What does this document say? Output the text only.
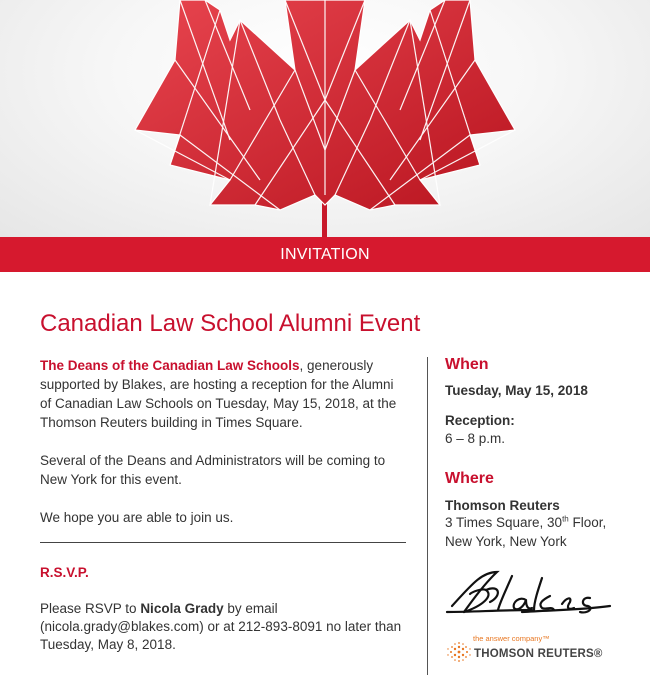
INVITATION
Canadian Law School Alumni Event

The Deans of the Canadian Law Schools, generously supported by Blakes, are hosting a reception for the Alumni of Canadian Law Schools on Tuesday, May 15, 2018, at the Thomson Reuters building in Times Square.

Several of the Deans and Administrators will be coming to New York for this event.

We hope you are able to join us.

R.S.V.P.
Please RSVP to Nicola Grady by email (nicola.grady@blakes.com) or at 212-893-8091 no later than Tuesday, May 8, 2018.
When
Tuesday, May 15, 2018
Reception:
6 – 8 p.m.
Where
Thomson Reuters
3 Times Square, 30th Floor,
New York, New York
the answer company™
THOMSON REUTERS®
